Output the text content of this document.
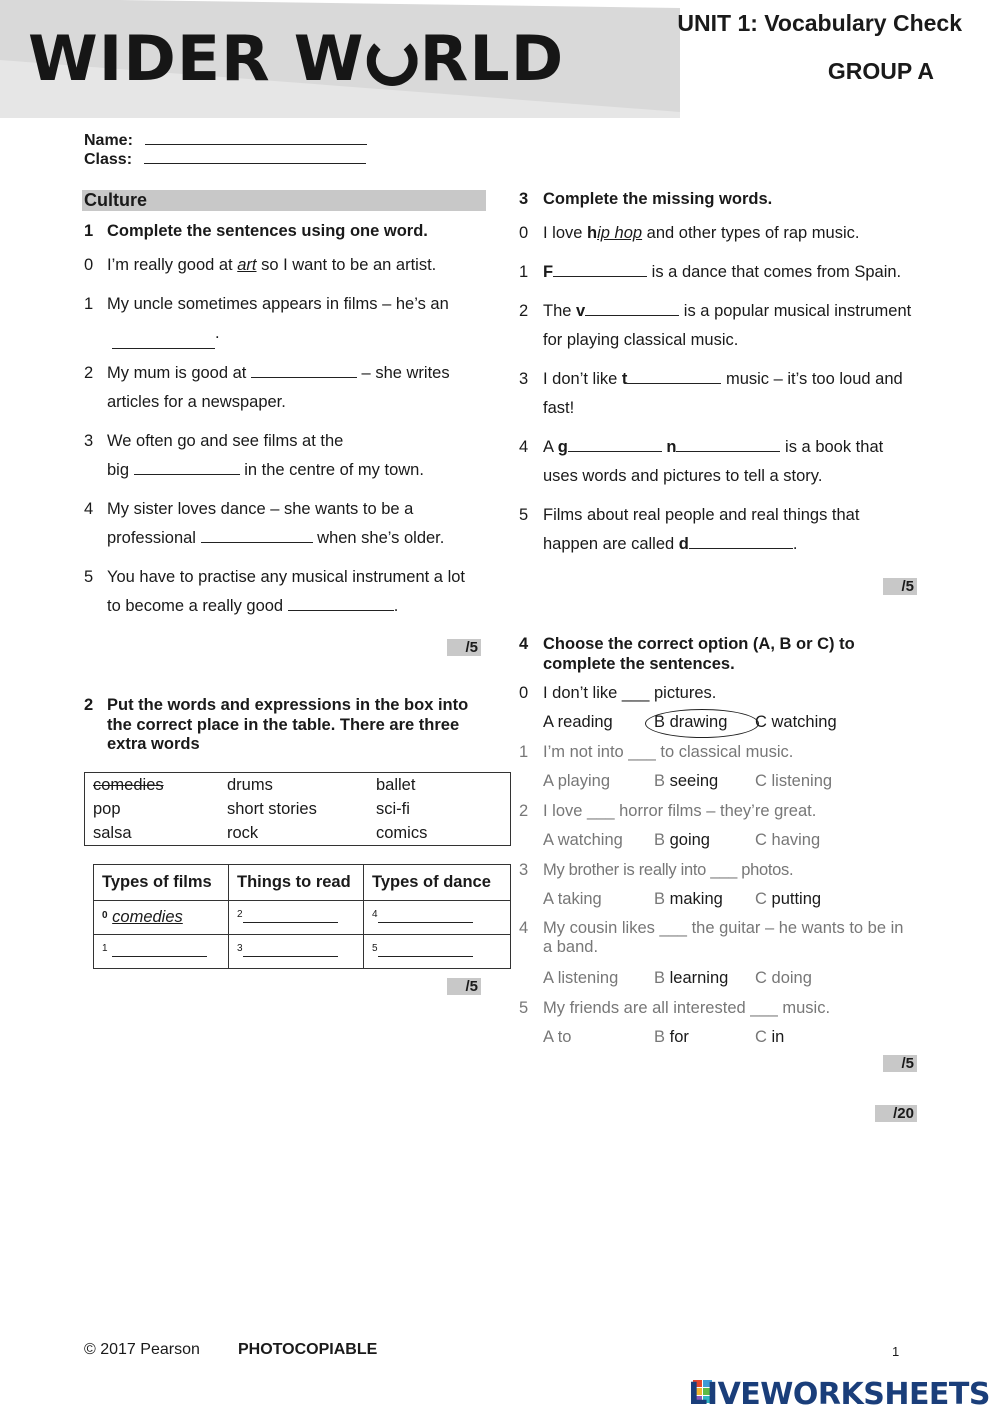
WIDER W RLD	UNIT 1: Vocabulary Check
GROUP A
Name:
Class:
Culture
1 Complete the sentences using one word.
0 I’m really good at art so I want to be an artist.
1 My uncle sometimes appears in films – he’s an
.
2 My mum is good at	– she writes
articles for a newspaper.
3 We often go and see films at the
big	in the centre of my town.
4 My sister loves dance – she wants to be a
professional	when she’s older.
5 You have to practise any musical instrument a lot
to become a really good	.
/5
2 Put the words and expressions in the box into the correct place in the table. There are three extra words
comedies	drums	ballet
pop	short stories	sci-fi
salsa	rock	comics
Types of films	Things to read	Types of dance
$^0$ comedies	$^2$	$^4$
$^1$	$^3$	$^5$
/5
3 Complete the missing words.
0 I love hip hop and other types of rap music.
1 F	is a dance that comes from Spain.
2 The v	is a popular musical instrument
for playing classical music.
3 I don’t like t	music – it’s too loud and
fast!
4 A g	n	is a book that
uses words and pictures to tell a story.
5 Films about real people and real things that
happen are called d	.
/5
4 Choose the correct option (A, B or C) to complete the sentences.
0 I don’t like ___ pictures.
A reading	B drawing C watching
1 I’m not into ___ to classical music.
A playing	B seeing C listening
2 I love ___ horror films – they’re great.
A watching B going	C having
3 My brother is really into ___ photos.
A taking	B making C putting
4 My cousin likes ___ the guitar – he wants to be in
a band.
A listening B learning C doing
5 My friends are all interested ___ music.
A to	B for	C in
/5
/20
© 2017 Pearson PHOTOCOPIABLE	1
LIVEWORKSHEETS
